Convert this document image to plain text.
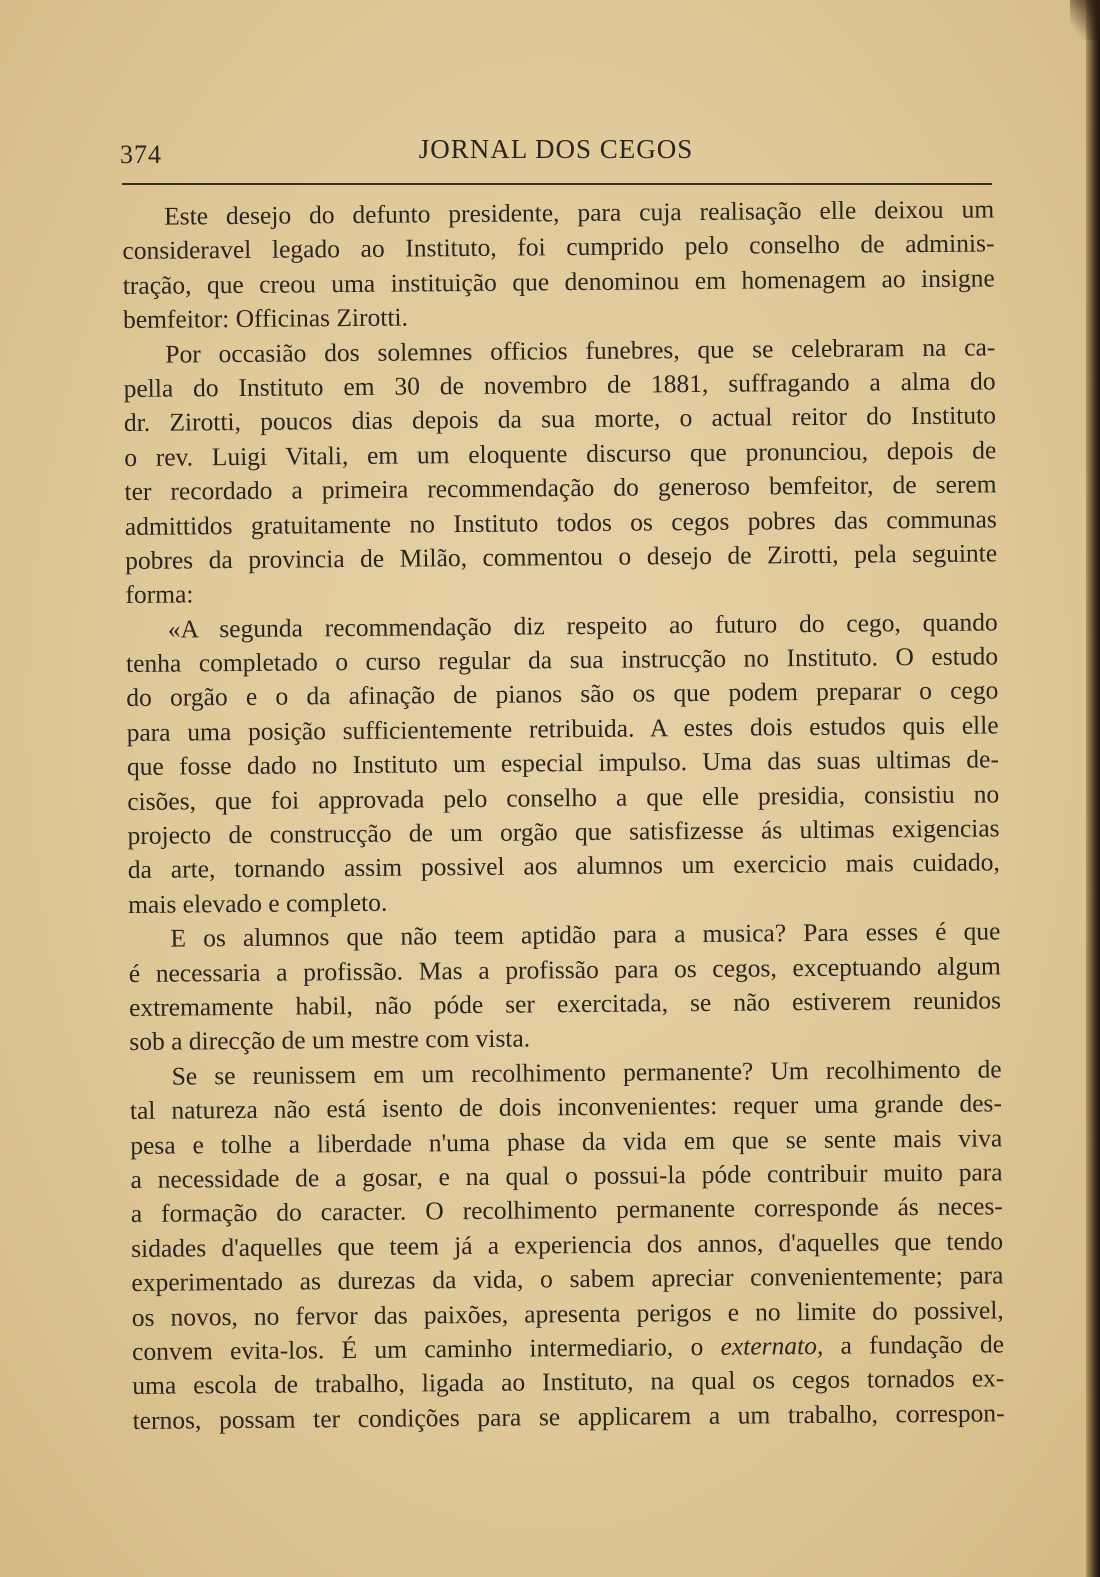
374	JORNAL DOS CEGOS
Este desejo do defunto presidente, para cuja realisação elle deixou um
consideravel legado ao Instituto, foi cumprido pelo conselho de adminis-
tração, que creou uma instituição que denominou em homenagem ao insigne
bemfeitor: Officinas Zirotti.
Por occasião dos solemnes officios funebres, que se celebraram na ca-
pella do Instituto em 30 de novembro de 1881, suffragando a alma do
dr. Zirotti, poucos dias depois da sua morte, o actual reitor do Instituto
o rev. Luigi Vitali, em um eloquente discurso que pronunciou, depois de
ter recordado a primeira recommendação do generoso bemfeitor, de serem
admittidos gratuitamente no Instituto todos os cegos pobres das communas
pobres da provincia de Milão, commentou o desejo de Zirotti, pela seguinte
forma:
«A segunda recommendação diz respeito ao futuro do cego, quando
tenha completado o curso regular da sua instrucção no Instituto. O estudo
do orgão e o da afinação de pianos são os que podem preparar o cego
para uma posição sufficientemente retribuida. A estes dois estudos quis elle
que fosse dado no Instituto um especial impulso. Uma das suas ultimas de-
cisões, que foi approvada pelo conselho a que elle presidia, consistiu no
projecto de construcção de um orgão que satisfizesse ás ultimas exigencias
da arte, tornando assim possivel aos alumnos um exercicio mais cuidado,
mais elevado e completo.
E os alumnos que não teem aptidão para a musica? Para esses é que
é necessaria a profissão. Mas a profissão para os cegos, exceptuando algum
extremamente habil, não póde ser exercitada, se não estiverem reunidos
sob a direcção de um mestre com vista.
Se se reunissem em um recolhimento permanente? Um recolhimento de
tal natureza não está isento de dois inconvenientes: requer uma grande des-
pesa e tolhe a liberdade n'uma phase da vida em que se sente mais viva
a necessidade de a gosar, e na qual o possui-la póde contribuir muito para
a formação do caracter. O recolhimento permanente corresponde ás neces-
sidades d'aquelles que teem já a experiencia dos annos, d'aquelles que tendo
experimentado as durezas da vida, o sabem apreciar convenientemente; para
os novos, no fervor das paixões, apresenta perigos e no limite do possivel,
convem evita-los. É um caminho intermediario, o externato, a fundação de
uma escola de trabalho, ligada ao Instituto, na qual os cegos tornados ex-
ternos, possam ter condições para se applicarem a um trabalho, correspon-
